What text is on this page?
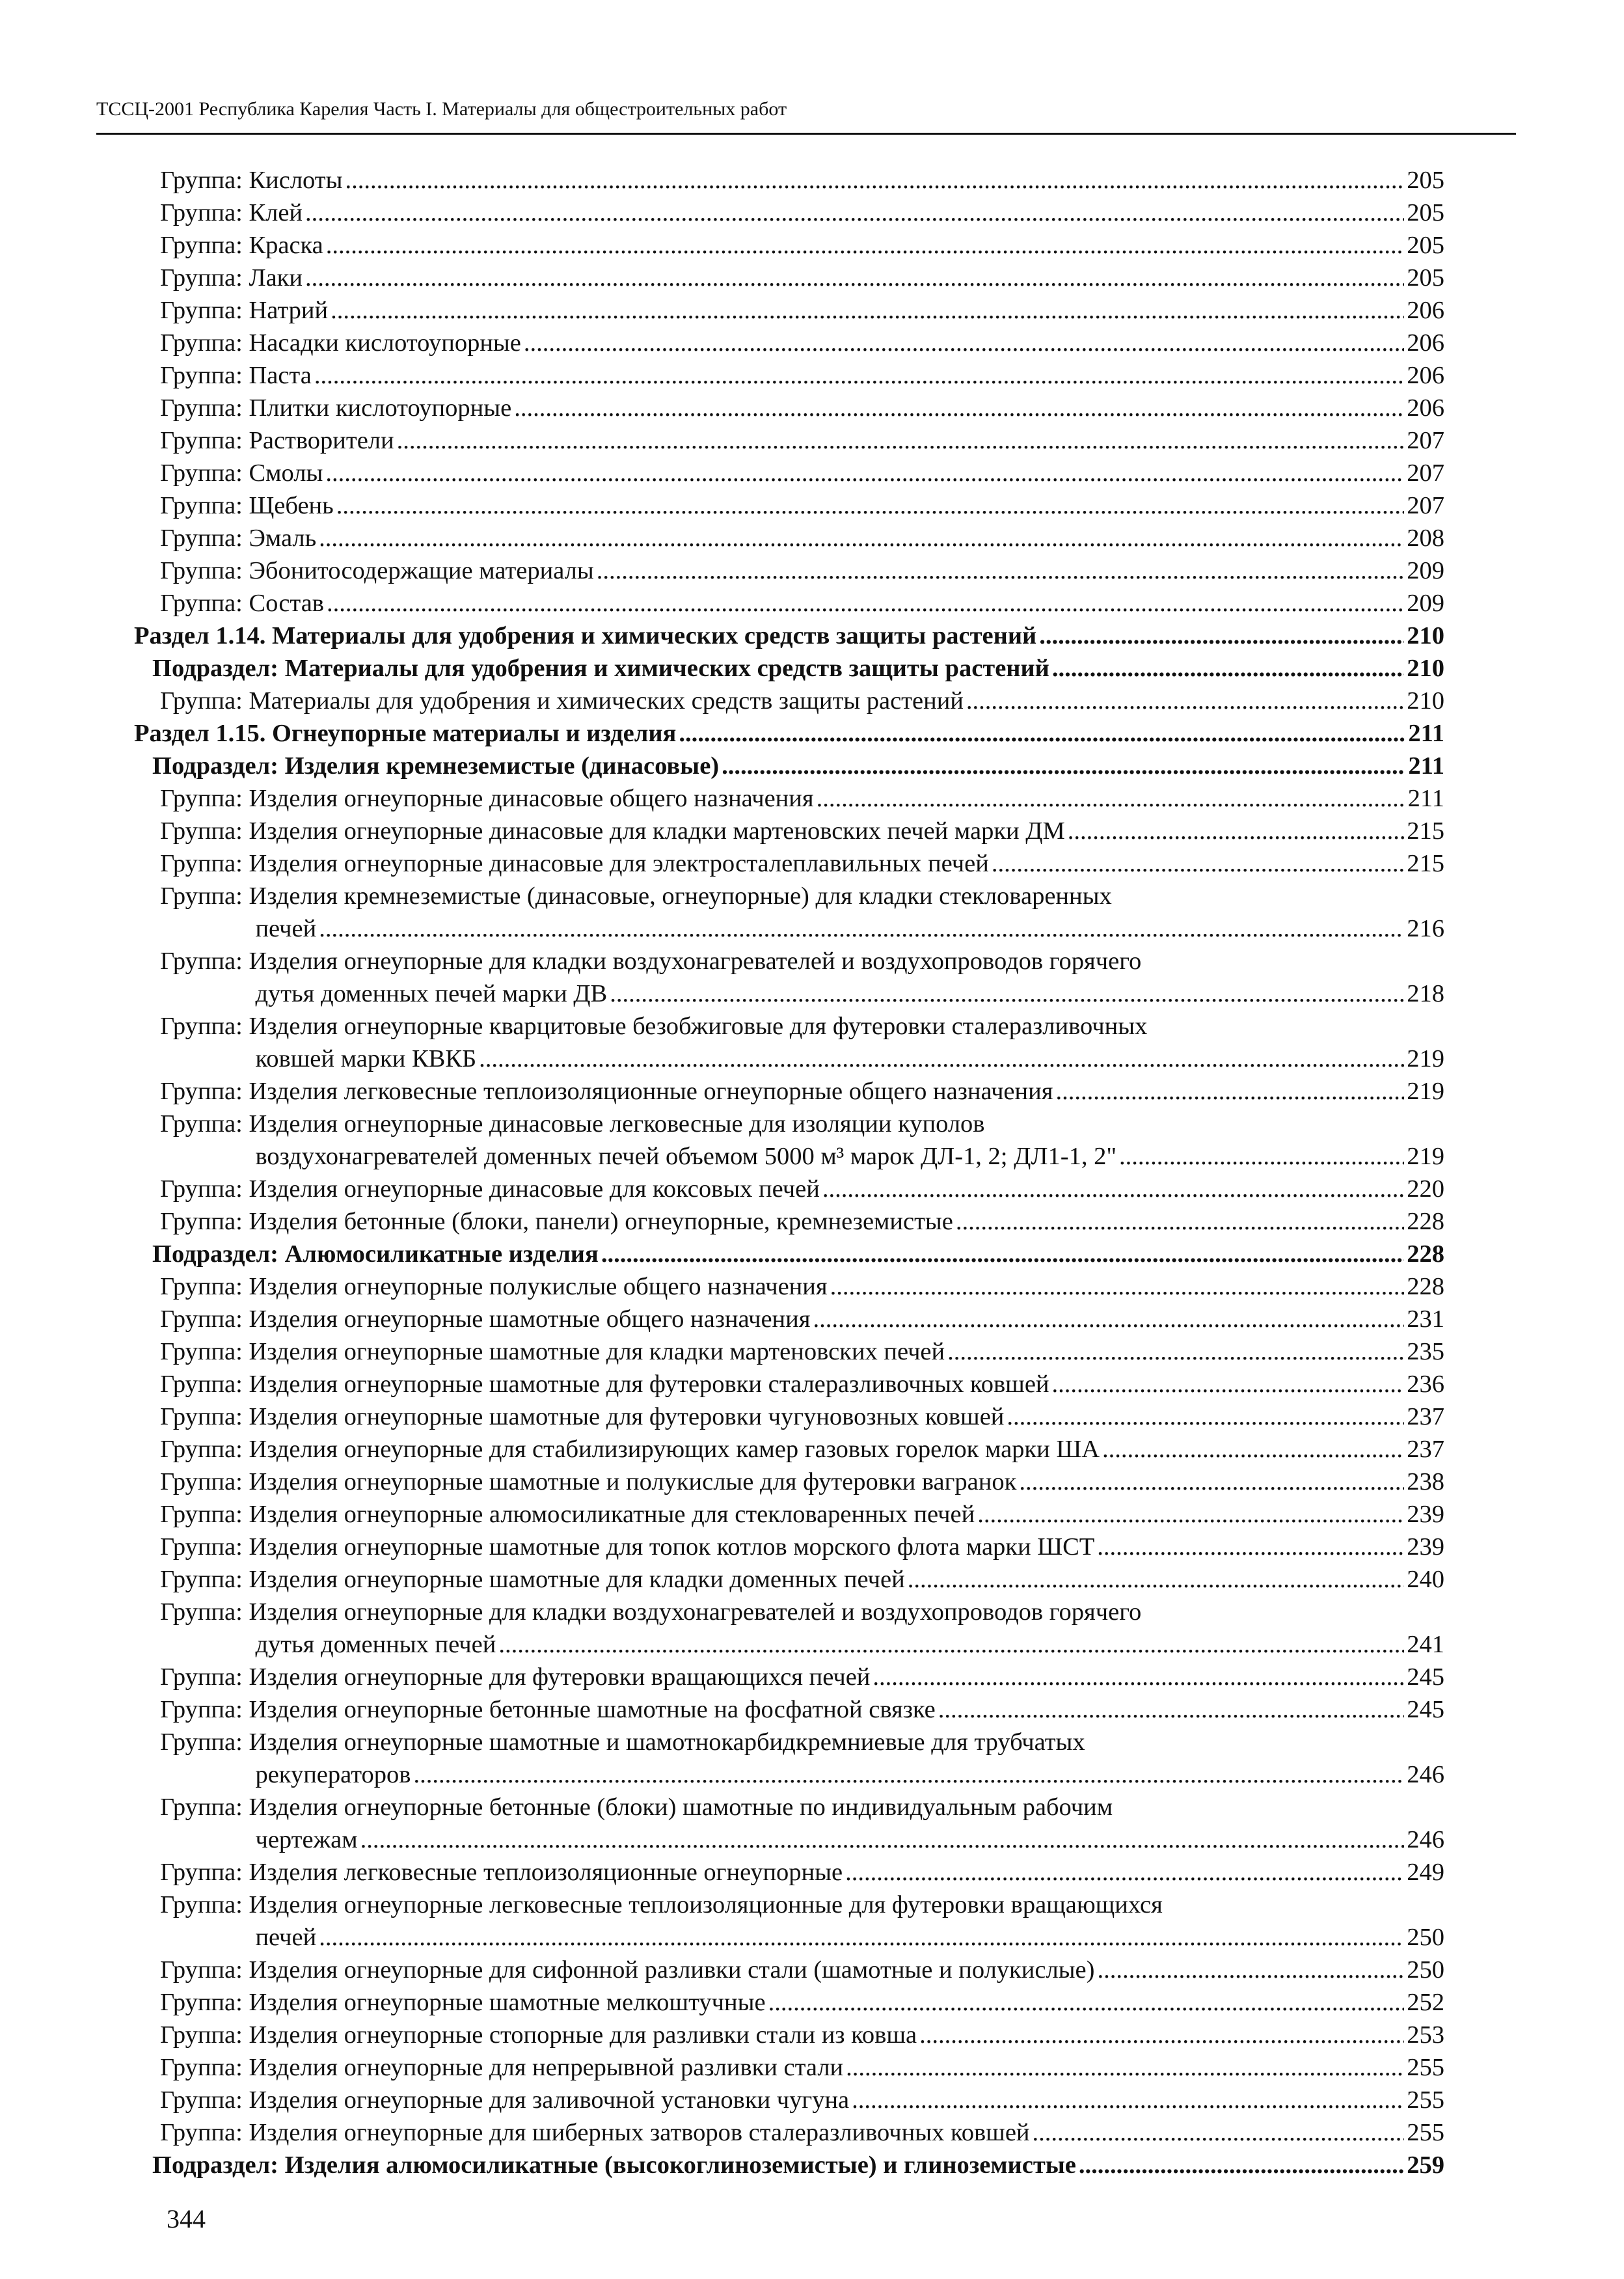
ТССЦ-2001 Республика Карелия Часть I. Материалы для общестроительных работ
Группа: Кислоты .....	205
Группа: Клей .....	205
Группа: Краска .....	205
Группа: Лаки .....	205
Группа: Натрий .....	206
Группа: Насадки кислотоупорные .....	206
Группа: Паста .....	206
Группа: Плитки кислотоупорные .....	206
Группа: Растворители .....	207
Группа: Смолы .....	207
Группа: Щебень .....	207
Группа: Эмаль .....	208
Группа: Эбонитосодержащие материалы .....	209
Группа: Состав .....	209
Раздел 1.14. Материалы для удобрения и химических средств защиты растений .....	210
Подраздел: Материалы для удобрения и химических средств защиты растений .....	210
Группа: Материалы для удобрения и химических средств защиты растений .....	210
Раздел 1.15. Огнеупорные материалы и изделия .....	211
Подраздел: Изделия кремнеземистые (динасовые) .....	211
Группа: Изделия огнеупорные динасовые общего назначения .....	211
Группа: Изделия огнеупорные динасовые для кладки мартеновских печей марки ДМ .....	215
Группа: Изделия огнеупорные динасовые для электросталеплавильных печей .....	215
Группа: Изделия кремнеземистые (динасовые, огнеупорные) для кладки стекловаренных
печей .....	216
Группа: Изделия огнеупорные для кладки воздухонагревателей и воздухопроводов горячего
дутья доменных печей марки ДВ .....	218
Группа: Изделия огнеупорные кварцитовые безобжиговые для футеровки сталеразливочных
ковшей марки КВКБ .....	219
Группа: Изделия легковесные теплоизоляционные огнеупорные общего назначения .....	219
Группа: Изделия огнеупорные динасовые легковесные для изоляции куполов
воздухонагревателей доменных печей объемом 5000 м³ марок ДЛ-1, 2; ДЛ1-1, 2" .....	219
Группа: Изделия огнеупорные динасовые для коксовых печей .....	220
Группа: Изделия бетонные (блоки, панели) огнеупорные, кремнеземистые .....	228
Подраздел: Алюмосиликатные изделия .....	228
Группа: Изделия огнеупорные полукислые общего назначения .....	228
Группа: Изделия огнеупорные шамотные общего назначения .....	231
Группа: Изделия огнеупорные шамотные для кладки мартеновских печей .....	235
Группа: Изделия огнеупорные шамотные для футеровки сталеразливочных ковшей .....	236
Группа: Изделия огнеупорные шамотные для футеровки чугуновозных ковшей .....	237
Группа: Изделия огнеупорные для стабилизирующих камер газовых горелок марки ША .....	237
Группа: Изделия огнеупорные шамотные и полукислые для футеровки вагранок .....	238
Группа: Изделия огнеупорные алюмосиликатные для стекловаренных печей .....	239
Группа: Изделия огнеупорные шамотные для топок котлов морского флота марки ШСТ .....	239
Группа: Изделия огнеупорные шамотные для кладки доменных печей .....	240
Группа: Изделия огнеупорные для кладки воздухонагревателей и воздухопроводов горячего
дутья доменных печей .....	241
Группа: Изделия огнеупорные для футеровки вращающихся печей .....	245
Группа: Изделия огнеупорные бетонные шамотные на фосфатной связке .....	245
Группа: Изделия огнеупорные шамотные и шамотнокарбидкремниевые для трубчатых
рекуператоров .....	246
Группа: Изделия огнеупорные бетонные (блоки) шамотные по индивидуальным рабочим
чертежам .....	246
Группа: Изделия легковесные теплоизоляционные огнеупорные .....	249
Группа: Изделия огнеупорные легковесные теплоизоляционные для футеровки вращающихся
печей .....	250
Группа: Изделия огнеупорные для сифонной разливки стали (шамотные и полукислые) .....	250
Группа: Изделия огнеупорные шамотные мелкоштучные .....	252
Группа: Изделия огнеупорные стопорные для разливки стали из ковша .....	253
Группа: Изделия огнеупорные для непрерывной разливки стали .....	255
Группа: Изделия огнеупорные для заливочной установки чугуна .....	255
Группа: Изделия огнеупорные для шиберных затворов сталеразливочных ковшей .....	255
Подраздел: Изделия алюмосиликатные (высокоглиноземистые) и глиноземистые .....	259
344
